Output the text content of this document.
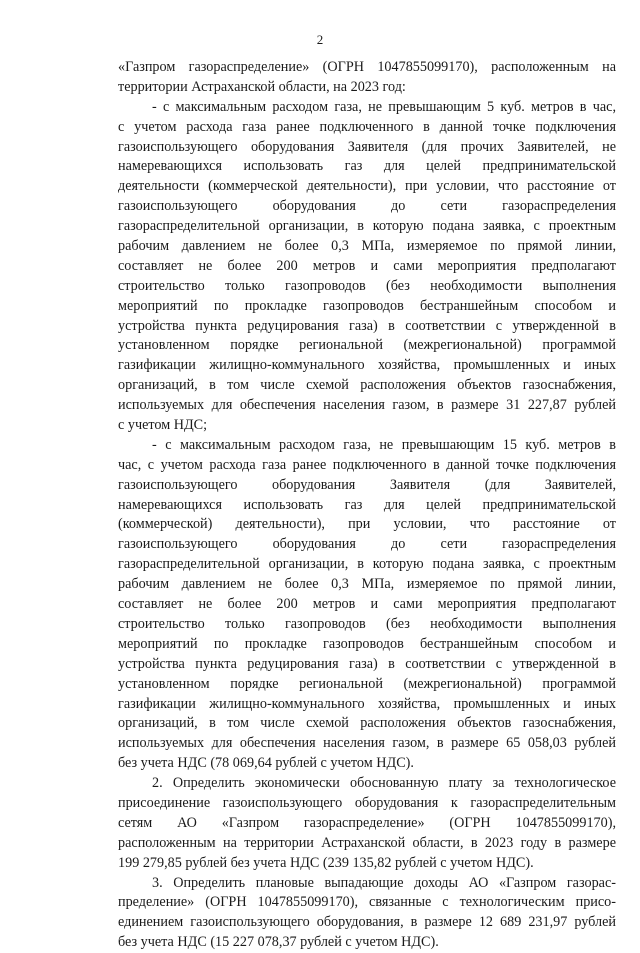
2
«Газпром газораспределение» (ОГРН 1047855099170), расположенным на
территории Астраханской области, на 2023 год:
- с максимальным расходом газа, не превышающим 5 куб. метров в час,
с учетом расхода газа ранее подключенного в данной точке подключения
газоиспользующего оборудования Заявителя (для прочих Заявителей, не
намеревающихся использовать газ для целей предпринимательской
деятельности (коммерческой деятельности), при условии, что расстояние от
газоиспользующего оборудования до сети газораспределения
газораспределительной организации, в которую подана заявка, с проектным
рабочим давлением не более 0,3 МПа, измеряемое по прямой линии,
составляет не более 200 метров и сами мероприятия предполагают
строительство только газопроводов (без необходимости выполнения
мероприятий по прокладке газопроводов бестраншейным способом и
устройства пункта редуцирования газа) в соответствии с утвержденной в
установленном порядке региональной (межрегиональной) программой
газификации жилищно-коммунального хозяйства, промышленных и иных
организаций, в том числе схемой расположения объектов газоснабжения,
используемых для обеспечения населения газом, в размере 31 227,87 рублей
с учетом НДС;
- с максимальным расходом газа, не превышающим 15 куб. метров в
час, с учетом расхода газа ранее подключенного в данной точке подключения
газоиспользующего оборудования Заявителя (для Заявителей,
намеревающихся использовать газ для целей предпринимательской
(коммерческой) деятельности), при условии, что расстояние от
газоиспользующего оборудования до сети газораспределения
газораспределительной организации, в которую подана заявка, с проектным
рабочим давлением не более 0,3 МПа, измеряемое по прямой линии,
составляет не более 200 метров и сами мероприятия предполагают
строительство только газопроводов (без необходимости выполнения
мероприятий по прокладке газопроводов бестраншейным способом и
устройства пункта редуцирования газа) в соответствии с утвержденной в
установленном порядке региональной (межрегиональной) программой
газификации жилищно-коммунального хозяйства, промышленных и иных
организаций, в том числе схемой расположения объектов газоснабжения,
используемых для обеспечения населения газом, в размере 65 058,03 рублей
без учета НДС (78 069,64 рублей с учетом НДС).
2. Определить экономически обоснованную плату за технологическое
присоединение газоиспользующего оборудования к газораспределительным
сетям АО «Газпром газораспределение» (ОГРН 1047855099170),
расположенным на территории Астраханской области, в 2023 году в размере
199 279,85 рублей без учета НДС (239 135,82 рублей с учетом НДС).
3. Определить плановые выпадающие доходы АО «Газпром газорас-
пределение» (ОГРН 1047855099170), связанные с технологическим присо-
единением газоиспользующего оборудования, в размере 12 689 231,97 рублей
без учета НДС (15 227 078,37 рублей с учетом НДС).
